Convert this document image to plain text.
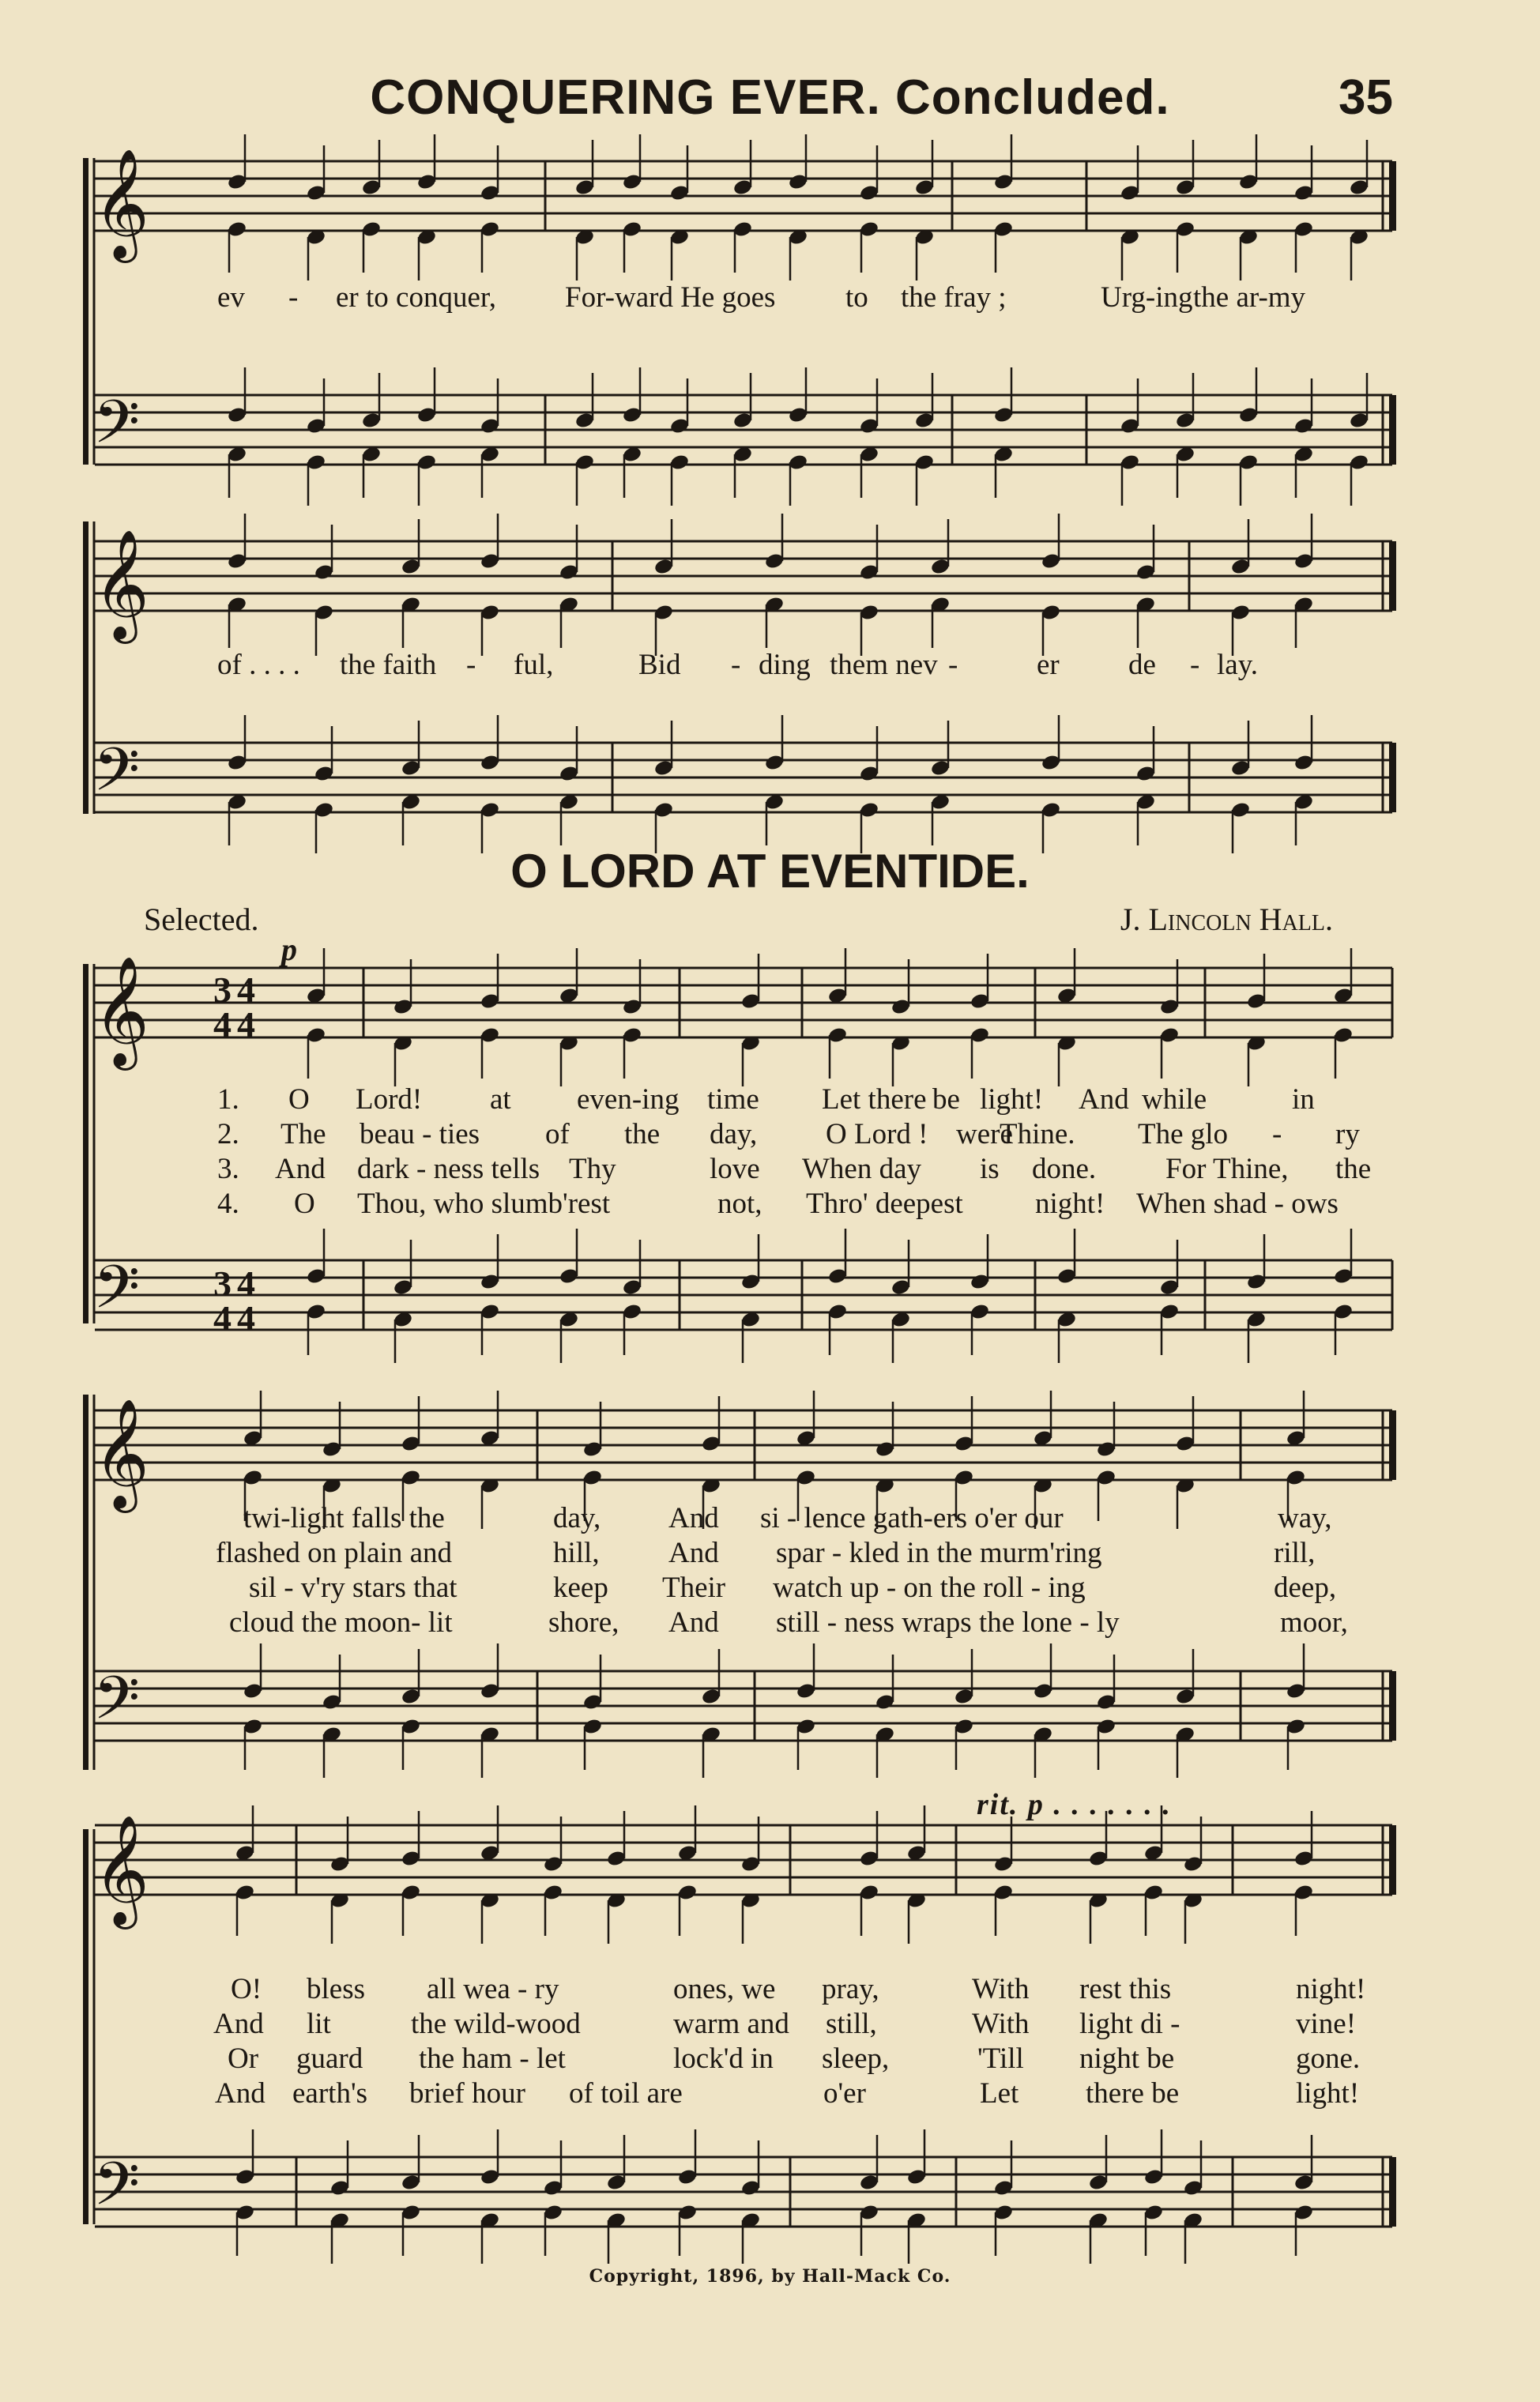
CONQUERING EVER. Concluded.	35
𝄞
𝄢
ev - er to conquer, For-ward He goes to the fray ;	Urg-ing the ar-my
𝄞
𝄢
of . . . . the faith - ful,	Bid - ding them nev -	er de - lay.
O LORD AT EVENTIDE.
Selected.	J. Lincoln Hall.
p
𝄞
𝄢
3 4
4 4
3 4
4 4
1. O Lord! at even-ing time Let there be light! And while	in
2. The beau - ties of the day, O Lord ! were
Thine. The glo - ry
3. And dark - ness tells Thy	love When day is done. For Thine, the
4. O Thou, who slumb'rest	not, Thro' deepest night! When shad - ows
𝄞
𝄢
twi-light falls the	day, And si - lence gath-ers o'er our	way,
flashed on plain and	hill, And spar - kled in the murm'ring	rill,
sil - v'ry stars that	keep Their watch up - on the roll - ing	deep,
cloud the moon- lit	shore, And still - ness wraps the lone - ly	moor,
rit. p . . . . . . .
𝄞
𝄢
O! bless all wea - ry	ones, we pray,	With rest this	night!
And lit	the wild-wood	warm and still,	With light di -	vine!
Or guard the ham - let	lock'd in sleep,	'Till night be	gone.
And earth's brief hour of toil are	o'er	Let there be	light!
Copyright, 1896, by Hall-Mack Co.
